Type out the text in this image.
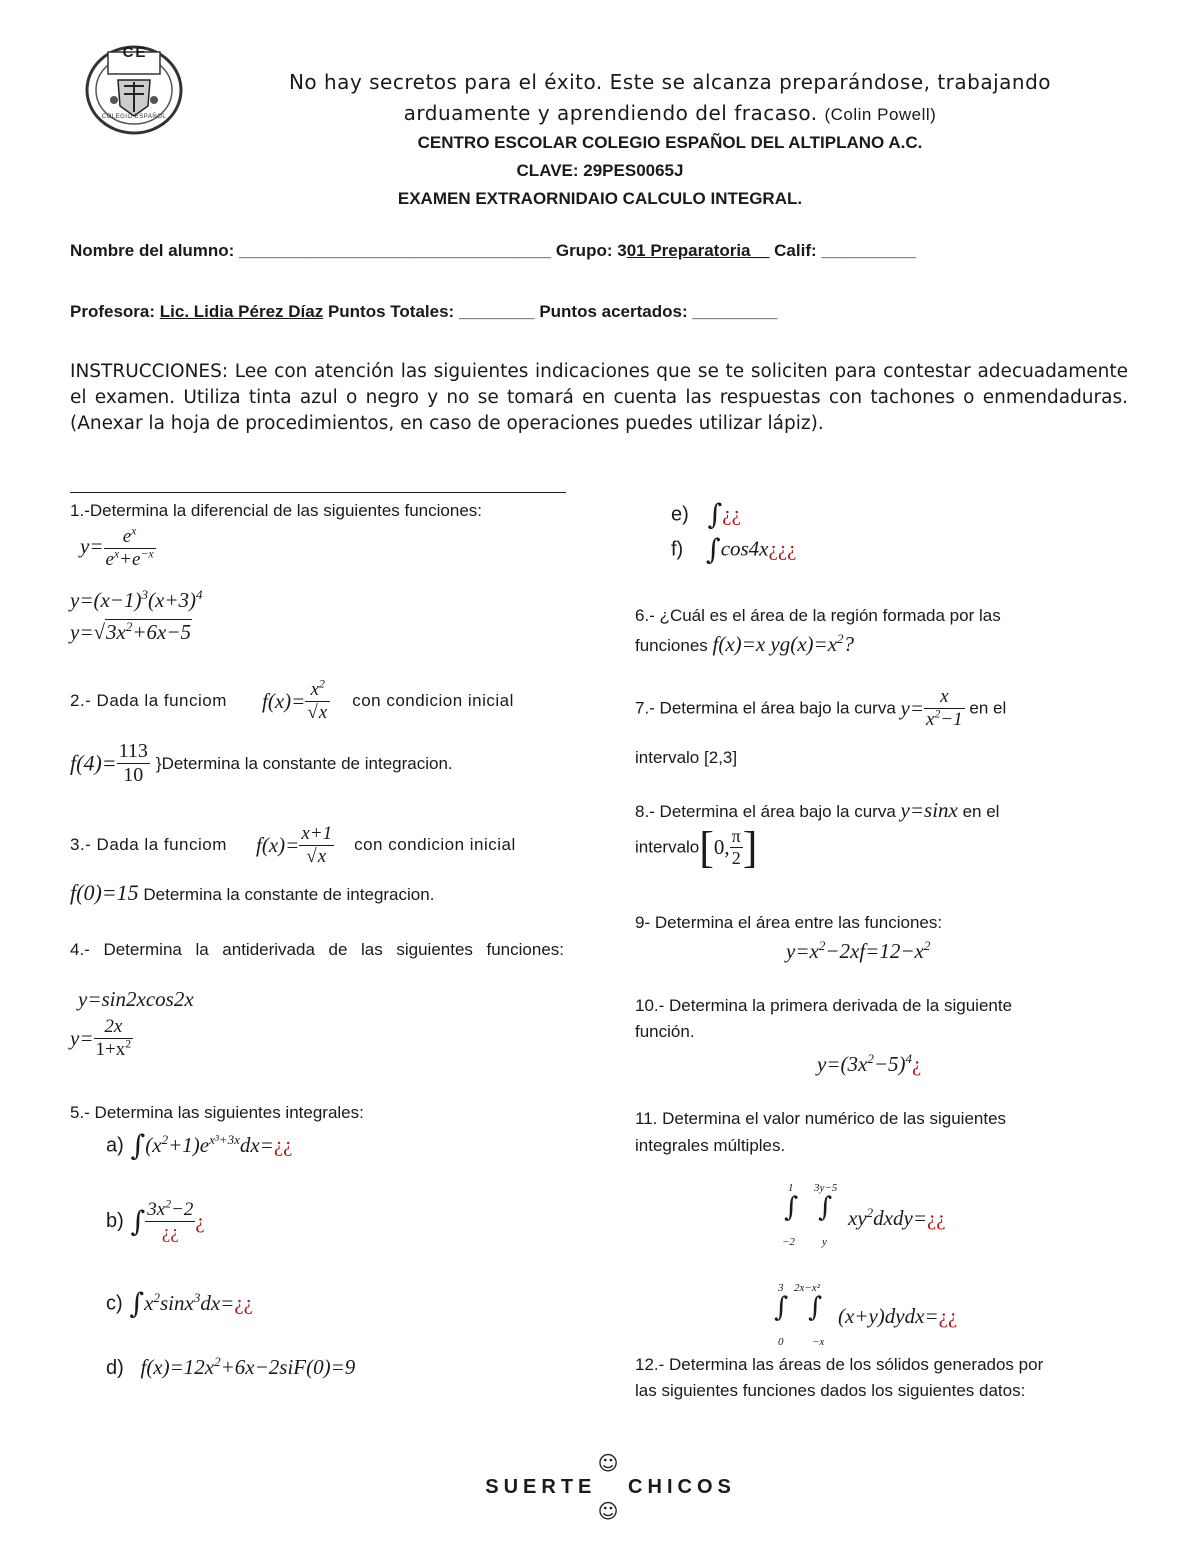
CE
COLEGIO ESPAÑOL
No hay secretos para el éxito. Este se alcanza preparándose, trabajando
arduamente y aprendiendo del fracaso. (Colin Powell)
CENTRO ESCOLAR COLEGIO ESPAÑOL DEL ALTIPLANO A.C.
CLAVE: 29PES0065J
EXAMEN EXTRAORNIDAIO CALCULO INTEGRAL.
Nombre del alumno: _________________________________ Grupo: 301 Preparatoria__ Calif: __________
Profesora: Lic. Lidia Pérez Díaz Puntos Totales: ________ Puntos acertados: _________
INSTRUCCIONES: Lee con atención las siguientes indicaciones que se te soliciten para contestar adecuadamente el examen. Utiliza tinta azul o negro y no se tomará en cuenta las respuestas con tachones o enmendaduras. (Anexar la hoja de procedimientos, en caso de operaciones puedes utilizar lápiz).
1.-Determina la diferencial de las siguientes funciones:
$y= \frac{e^x}{e^x+e^{-x}}$
$y=(x-1)^3(x+3)^4$
$y=√3x^2+6x-5$
2.- Dada la funciom $f(x)= \frac{x^2}{√x}$ con condicion inicial
$f(4)= \frac{113}{10}$ }Determina la constante de integracion.
3.- Dada la funciom $f(x)= \frac{x+1}{√x}$ con condicion inicial
f(0)=15 Determina la constante de integracion.
4.- Determina la antiderivada de las siguientes funciones:
y=sin2xcos2x
$y= \frac{2x}{1+x^2}$
5.- Determina las siguientes integrales:
a) $\int(x^2+1)e^{x^3+3x}dx=¿¿$
b) ∫ $\frac{3x^2-2}{¿¿}$ ¿
c) $\int x^2\sin x^3dx=¿¿$
d) $f(x)=12x^2+6x-2siF(0)=9$
e) ∫¿¿
f) ∫cos4x¿¿¿
6.- ¿Cuál es el área de la región formada por las
funciones f(x)=x $yg(x)=x^2$?
7.- Determina el área bajo la curva $y= \frac{x}{x^2-1}$ en el
intervalo [2,3]
8.- Determina el área bajo la curva y=sinx en el
intervalo[0, $\frac{\pi}{2}$ ]
9- Determina el área entre las funciones:
$y=x^2-2xf=12-x^2$
10.- Determina la primera derivada de la siguiente
función.
$y=(3x^2-5)^4¿$
11. Determina el valor numérico de las siguientes
integrales múltiples.
1
∫
−2
3y−5
∫
y
$xy^2dxdy=¿¿$
3
∫
0
2x−x²
∫
−x
(x+y)dydx=¿¿
12.- Determina las áreas de los sólidos generados por
las siguientes funciones dados los siguientes datos:

☺
SUERTE   CHICOS
☺
